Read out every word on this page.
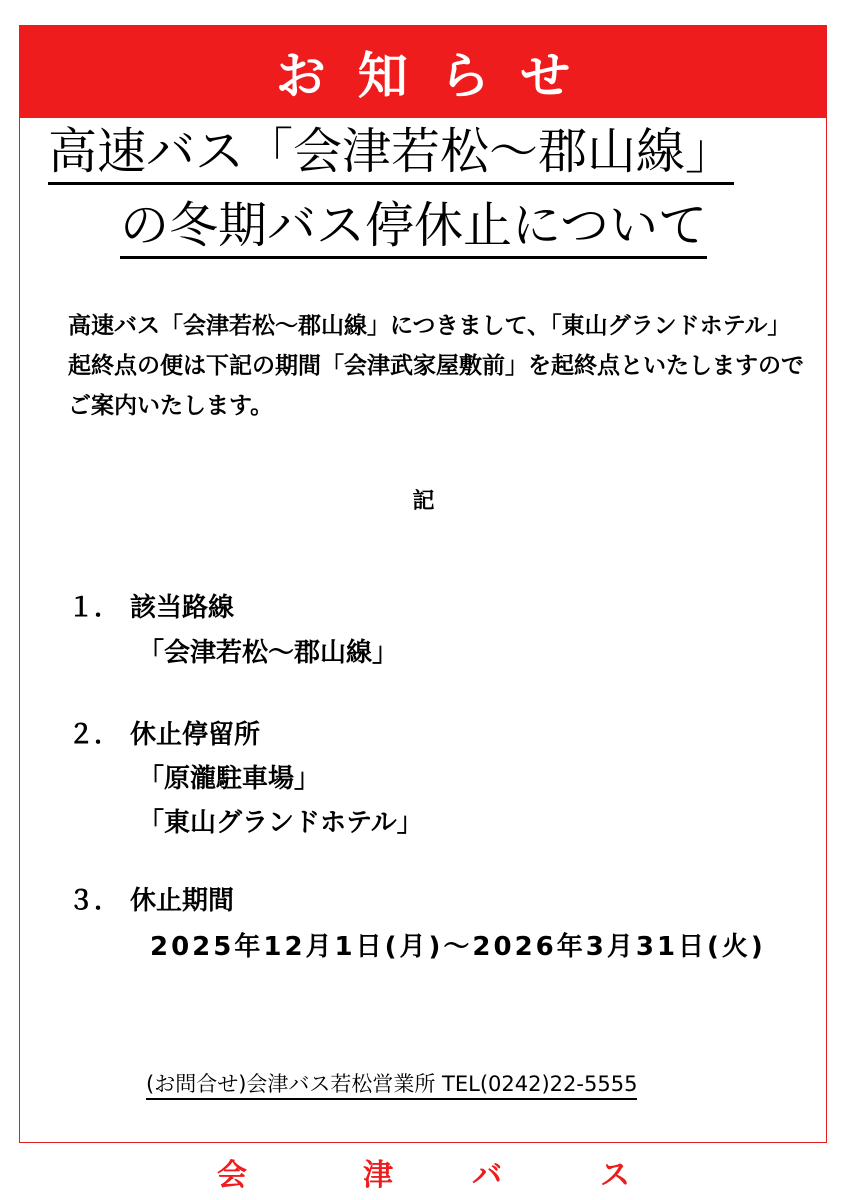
お知らせ
高速バス「会津若松～郡山線」
の冬期バス停休止について

高速バス「会津若松～郡山線」につきまして、「東山グランドホテル」起終点の便は下記の期間「会津武家屋敷前」を起終点といたしますのでご案内いたします。

記
１． 該当路線
「会津若松～郡山線」
２． 休止停留所
「原瀧駐車場」
「東山グランドホテル」
３． 休止期間
2025年12月1日(月)～2026年3月31日(火)
(お問合せ)会津バス若松営業所 TEL(0242)22-5555
会	津	バ	ス
